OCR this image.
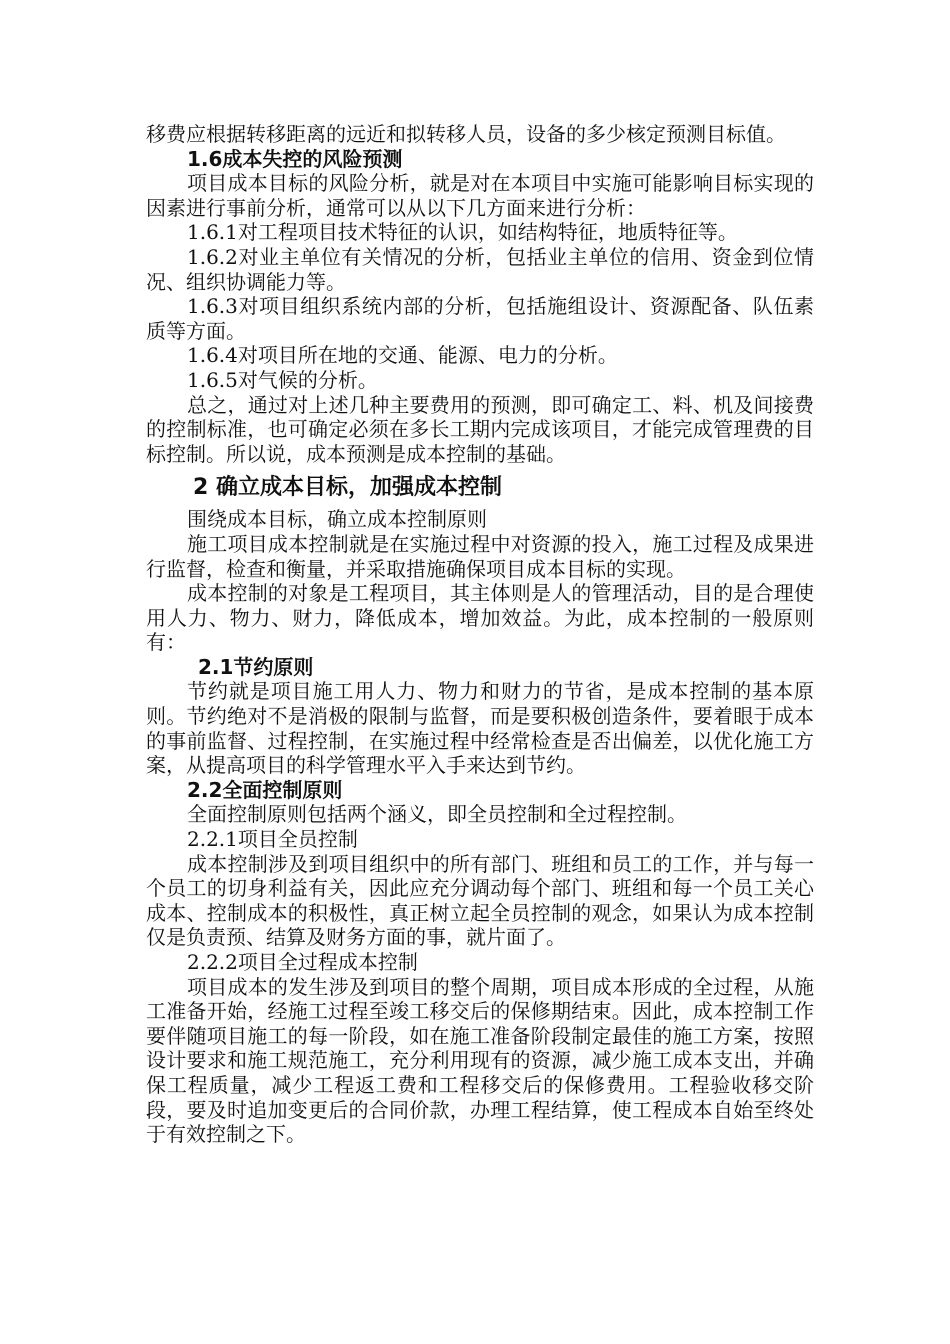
移费应根据转移距离的远近和拟转移人员，设备的多少核定预测目标值。

1.6成本失控的风险预测

项目成本目标的风险分析，就是对在本项目中实施可能影响目标实现的因素进行事前分析，通常可以从以下几方面来进行分析：

1.6.1对工程项目技术特征的认识，如结构特征，地质特征等。

1.6.2对业主单位有关情况的分析，包括业主单位的信用、资金到位情况、组织协调能力等。

1.6.3对项目组织系统内部的分析，包括施组设计、资源配备、队伍素质等方面。

1.6.4对项目所在地的交通、能源、电力的分析。

1.6.5对气候的分析。

总之，通过对上述几种主要费用的预测，即可确定工、料、机及间接费的控制标准，也可确定必须在多长工期内完成该项目，才能完成管理费的目标控制。所以说，成本预测是成本控制的基础。

2 确立成本目标，加强成本控制

围绕成本目标，确立成本控制原则

施工项目成本控制就是在实施过程中对资源的投入，施工过程及成果进行监督，检查和衡量，并采取措施确保项目成本目标的实现。

成本控制的对象是工程项目，其主体则是人的管理活动，目的是合理使用人力、物力、财力，降低成本，增加效益。为此，成本控制的一般原则有：

2.1节约原则

节约就是项目施工用人力、物力和财力的节省，是成本控制的基本原则。节约绝对不是消极的限制与监督，而是要积极创造条件，要着眼于成本的事前监督、过程控制，在实施过程中经常检查是否出偏差，以优化施工方案，从提高项目的科学管理水平入手来达到节约。

2.2全面控制原则

全面控制原则包括两个涵义，即全员控制和全过程控制。

2.2.1项目全员控制

成本控制涉及到项目组织中的所有部门、班组和员工的工作，并与每一个员工的切身利益有关，因此应充分调动每个部门、班组和每一个员工关心成本、控制成本的积极性，真正树立起全员控制的观念，如果认为成本控制仅是负责预、结算及财务方面的事，就片面了。

2.2.2项目全过程成本控制

项目成本的发生涉及到项目的整个周期，项目成本形成的全过程，从施工准备开始，经施工过程至竣工移交后的保修期结束。因此，成本控制工作要伴随项目施工的每一阶段，如在施工准备阶段制定最佳的施工方案，按照设计要求和施工规范施工，充分利用现有的资源，减少施工成本支出，并确保工程质量，减少工程返工费和工程移交后的保修费用。工程验收移交阶段，要及时追加变更后的合同价款，办理工程结算，使工程成本自始至终处于有效控制之下。
